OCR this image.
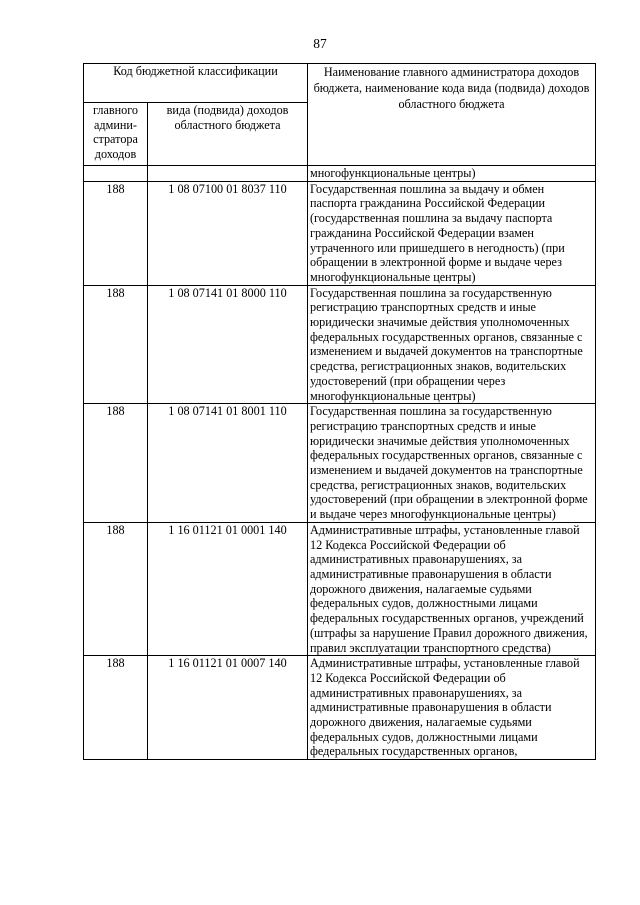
87
Код бюджетной классификации		Наименование главного администратора доходов бюджета, наименование кода вида (подвида) доходов областного бюджета
главного админи-стратора доходов	вида (подвида) доходов областного бюджета	
		многофункциональные центры)
188	1 08 07100 01 8037 110	Государственная пошлина за выдачу и обмен паспорта гражданина Российской Федерации (государственная пошлина за выдачу паспорта гражданина Российской Федерации взамен утраченного или пришедшего в негодность) (при обращении в электронной форме и выдаче через многофункциональные центры)
188	1 08 07141 01 8000 110	Государственная пошлина за государственную регистрацию транспортных средств и иные юридически значимые действия уполномоченных федеральных государственных органов, связанные с изменением и выдачей документов на транспортные средства, регистрационных знаков, водительских удостоверений (при обращении через многофункциональные центры)
188	1 08 07141 01 8001 110	Государственная пошлина за государственную регистрацию транспортных средств и иные юридически значимые действия уполномоченных федеральных государственных органов, связанные с изменением и выдачей документов на транспортные средства, регистрационных знаков, водительских удостоверений (при обращении в электронной форме и выдаче через многофункциональные центры)
188	1 16 01121 01 0001 140	Административные штрафы, установленные главой 12 Кодекса Российской Федерации об административных правонарушениях, за административные правонарушения в области дорожного движения, налагаемые судьями федеральных судов, должностными лицами федеральных государственных органов, учреждений (штрафы за нарушение Правил дорожного движения, правил эксплуатации транспортного средства)
188	1 16 01121 01 0007 140	Административные штрафы, установленные главой 12 Кодекса Российской Федерации об административных правонарушениях, за административные правонарушения в области дорожного движения, налагаемые судьями федеральных судов, должностными лицами федеральных государственных органов,
